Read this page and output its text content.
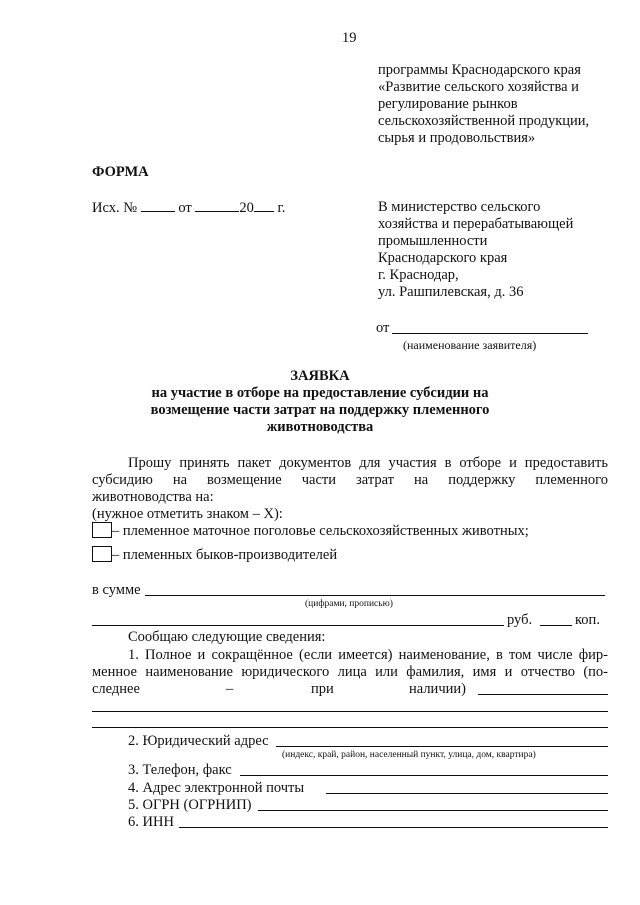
19
программы Краснодарского края
«Развитие сельского хозяйства и
регулирование рынков
сельскохозяйственной продукции,
сырья и продовольствия»
ФОРМА
Исх. №	от	20 г.	В министерство сельского
хозяйства и перерабатывающей
промышленности
Краснодарского края
г. Краснодар,
ул. Рашпилевская, д. 36
от
(наименование заявителя)
ЗАЯВКА
на участие в отборе на предоставление субсидии на
возмещение части затрат на поддержку племенного
животноводства
Прошу принять пакет документов для участия в отборе и предоставить
субсидию на возмещение части затрат на поддержку племенного
животноводства на:
(нужное отметить знаком – Х):
– племенное маточное поголовье сельскохозяйственных животных;
– племенных быков-производителей
в сумме
(цифрами, прописью)
руб.	коп.
Сообщаю следующие сведения:
1. Полное и сокращённое (если имеется) наименование, в том числе фир-
менное наименование юридического лица или фамилия, имя и отчество (по-
следнее	–	при	наличии)
2. Юридический адрес
(индекс, край, район, населенный пункт, улица, дом, квартира)
3. Телефон, факс
4. Адрес электронной почты
5. ОГРН (ОГРНИП)
6. ИНН
